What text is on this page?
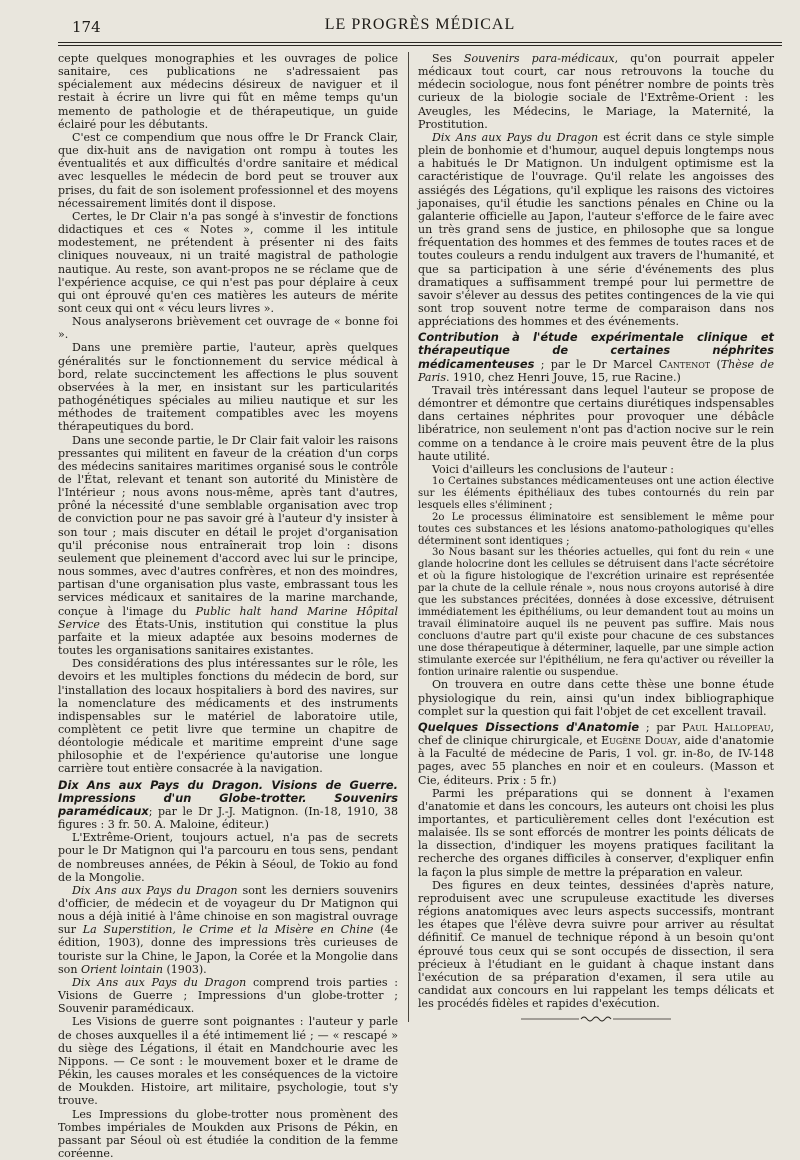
174	LE PROGRÈS MÉDICAL

cepte quelques monographies et les ouvrages de police sanitaire, ces publications ne s'adressaient pas spécialement aux médecins désireux de naviguer et il restait à écrire un livre qui fût en même temps qu'un memento de pathologie et de thérapeutique, un guide éclairé pour les débutants.

C'est ce compendium que nous offre le Dr Franck Clair, que dix-huit ans de navigation ont rompu à toutes les éventualités et aux difficultés d'ordre sanitaire et médical avec lesquelles le médecin de bord peut se trouver aux prises, du fait de son isolement professionnel et des moyens nécessairement limités dont il dispose.

Certes, le Dr Clair n'a pas songé à s'investir de fonctions didactiques et ces « Notes », comme il les intitule modestement, ne prétendent à présenter ni des faits cliniques nouveaux, ni un traité magistral de pathologie nautique. Au reste, son avant-propos ne se réclame que de l'expérience acquise, ce qui n'est pas pour déplaire à ceux qui ont éprouvé qu'en ces matières les auteurs de mérite sont ceux qui ont « vécu leurs livres ».

Nous analyserons brièvement cet ouvrage de « bonne foi ».

Dans une première partie, l'auteur, après quelques généralités sur le fonctionnement du service médical à bord, relate succinctement les affections le plus souvent observées à la mer, en insistant sur les particularités pathogénétiques spéciales au milieu nautique et sur les méthodes de traitement compatibles avec les moyens thérapeutiques du bord.

Dans une seconde partie, le Dr Clair fait valoir les raisons pressantes qui militent en faveur de la création d'un corps des médecins sanitaires maritimes organisé sous le contrôle de l'État, relevant et tenant son autorité du Ministère de l'Intérieur ; nous avons nous-même, après tant d'autres, prôné la nécessité d'une semblable organisation avec trop de conviction pour ne pas savoir gré à l'auteur d'y insister à son tour ; mais discuter en détail le projet d'organisation qu'il préconise nous entraînerait trop loin : disons seulement que pleinement d'accord avec lui sur le principe, nous sommes, avec d'autres confrères, et non des moindres, partisan d'une organisation plus vaste, embrassant tous les services médicaux et sanitaires de la marine marchande, conçue à l'image du Public halt hand Marine Hôpital Service des États-Unis, institution qui constitue la plus parfaite et la mieux adaptée aux besoins modernes de toutes les organisations sanitaires existantes.

Des considérations des plus intéressantes sur le rôle, les devoirs et les multiples fonctions du médecin de bord, sur l'installation des locaux hospitaliers à bord des navires, sur la nomenclature des médicaments et des instruments indispensables sur le matériel de laboratoire utile, complètent ce petit livre que termine un chapitre de déontologie médicale et maritime empreint d'une sage philosophie et de l'expérience qu'autorise une longue carrière tout entière consacrée à la navigation.

Dix Ans aux Pays du Dragon. Visions de Guerre. Impressions d'un Globe-trotter. Souvenirs paramédicaux; par le Dr J.-J. Matignon. (In-18, 1910, 38 figures : 3 fr. 50. A. Maloine, éditeur.)

L'Extrême-Orient, toujours actuel, n'a pas de secrets pour le Dr Matignon qui l'a parcouru en tous sens, pendant de nombreuses années, de Pékin à Séoul, de Tokio au fond de la Mongolie.

Dix Ans aux Pays du Dragon sont les derniers souvenirs d'officier, de médecin et de voyageur du Dr Matignon qui nous a déjà initié à l'âme chinoise en son magistral ouvrage sur La Superstition, le Crime et la Misère en Chine (4e édition, 1903), donne des impressions très curieuses de touriste sur la Chine, le Japon, la Corée et la Mongolie dans son Orient lointain (1903).

Dix Ans aux Pays du Dragon comprend trois parties : Visions de Guerre ; Impressions d'un globe-trotter ; Souvenir paramédicaux.

Les Visions de guerre sont poignantes : l'auteur y parle de choses auxquelles il a été intimement lié ; — « rescapé » du siège des Légations, il était en Mandchourie avec les Nippons. — Ce sont : le mouvement boxer et le drame de Pékin, les causes morales et les conséquences de la victoire de Moukden. Histoire, art militaire, psychologie, tout s'y trouve.

Les Impressions du globe-trotter nous promènent des Tombes impériales de Moukden aux Prisons de Pékin, en passant par Séoul où est étudiée la condition de la femme coréenne.

Ses Souvenirs para-médicaux, qu'on pourrait appeler médicaux tout court, car nous retrouvons la touche du médecin sociologue, nous font pénétrer nombre de points très curieux de la biologie sociale de l'Extrême-Orient : les Aveugles, les Médecins, le Mariage, la Maternité, la Prostitution.

Dix Ans aux Pays du Dragon est écrit dans ce style simple plein de bonhomie et d'humour, auquel depuis longtemps nous a habitués le Dr Matignon. Un indulgent optimisme est la caractéristique de l'ouvrage. Qu'il relate les angoisses des assiégés des Légations, qu'il explique les raisons des victoires japonaises, qu'il étudie les sanctions pénales en Chine ou la galanterie officielle au Japon, l'auteur s'efforce de le faire avec un très grand sens de justice, en philosophe que sa longue fréquentation des hommes et des femmes de toutes races et de toutes couleurs a rendu indulgent aux travers de l'humanité, et que sa participation à une série d'événements des plus dramatiques a suffisamment trempé pour lui permettre de savoir s'élever au dessus des petites contingences de la vie qui sont trop souvent notre terme de comparaison dans nos appréciations des hommes et des événements.

Contribution à l'étude expérimentale clinique et thérapeutique de certaines néphrites médicamenteuses ; par le Dr Marcel Cantenot (Thèse de Paris. 1910, chez Henri Jouve, 15, rue Racine.)

Travail très intéressant dans lequel l'auteur se propose de démontrer et démontre que certains diurétiques indspensables dans certaines néphrites pour provoquer une débâcle libératrice, non seulement n'ont pas d'action nocive sur le rein comme on a tendance à le croire mais peuvent être de la plus haute utilité.

Voici d'ailleurs les conclusions de l'auteur :

1o Certaines substances médicamenteuses ont une action élective sur les éléments épithéliaux des tubes contournés du rein par lesquels elles s'éliminent ;

2o Le processus éliminatoire est sensiblement le même pour toutes ces substances et les lésions anatomo-pathologiques qu'elles déterminent sont identiques ;

3o Nous basant sur les théories actuelles, qui font du rein « une glande holocrine dont les cellules se détruisent dans l'acte sécrétoire et où la figure histologique de l'excrétion urinaire est représentée par la chute de la cellule rénale », nous nous croyons autorisé à dire que les substances précitées, données à dose excessive, détruisent immédiatement les épithéliums, ou leur demandent tout au moins un travail éliminatoire auquel ils ne peuvent pas suffire. Mais nous concluons d'autre part qu'il existe pour chacune de ces substances une dose thérapeutique à déterminer, laquelle, par une simple action stimulante exercée sur l'épithélium, ne fera qu'activer ou réveiller la fontion urinaire ralentie ou suspendue.

On trouvera en outre dans cette thèse une bonne étude physiologique du rein, ainsi qu'un index bibliographique complet sur la question qui fait l'objet de cet excellent travail.

Quelques Dissections d'Anatomie ; par Paul Hallopeau, chef de clinique chirurgicale, et Eugène Douay, aide d'anatomie à la Faculté de médecine de Paris, 1 vol. gr. in-8o, de IV-148 pages, avec 55 planches en noir et en couleurs. (Masson et Cie, éditeurs. Prix : 5 fr.)

Parmi les préparations qui se donnent à l'examen d'anatomie et dans les concours, les auteurs ont choisi les plus importantes, et particulièrement celles dont l'exécution est malaisée. Ils se sont efforcés de montrer les points délicats de la dissection, d'indiquer les moyens pratiques facilitant la recherche des organes difficiles à conserver, d'expliquer enfin la façon la plus simple de mettre la préparation en valeur.

Des figures en deux teintes, dessinées d'après nature, reproduisent avec une scrupuleuse exactitude les diverses régions anatomiques avec leurs aspects successifs, montrant les étapes que l'élève devra suivre pour arriver au résultat définitif. Ce manuel de technique répond à un besoin qu'ont éprouvé tous ceux qui se sont occupés de dissection, il sera précieux à l'étudiant en le guidant à chaque instant dans l'exécution de sa préparation d'examen, il sera utile au candidat aux concours en lui rappelant les temps délicats et les procédés fidèles et rapides d'exécution.
